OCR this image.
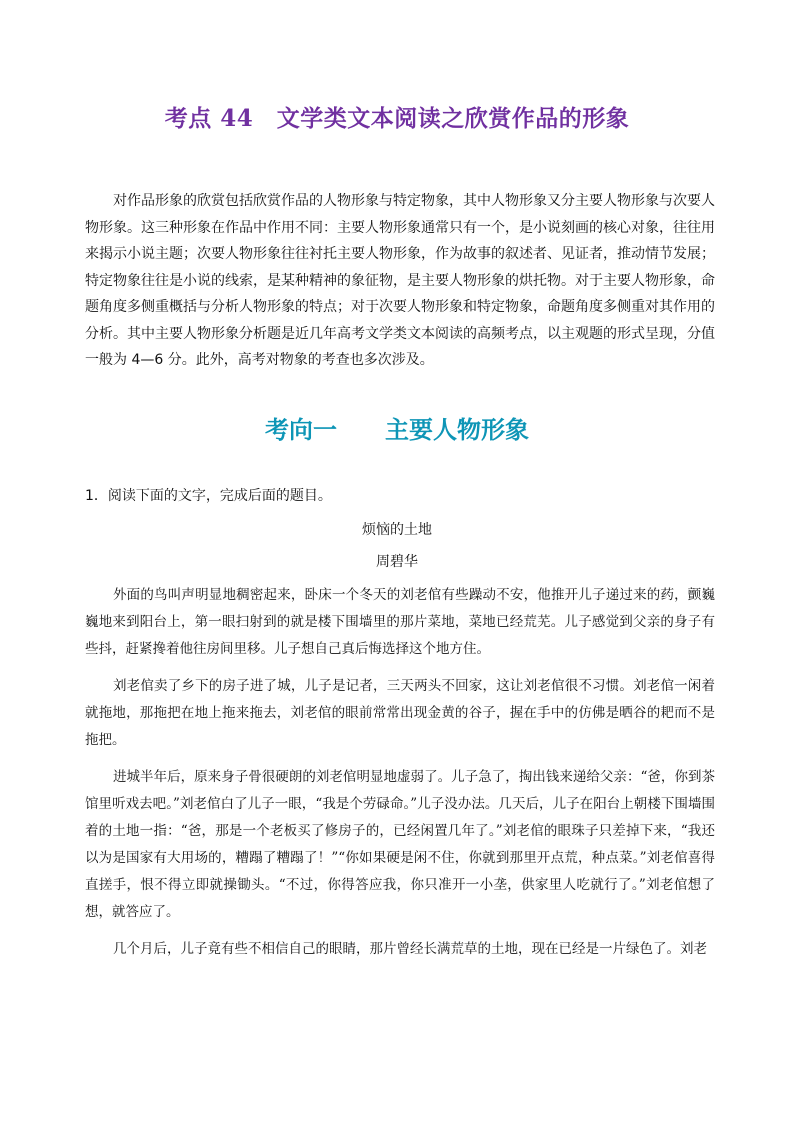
考点 44　文学类文本阅读之欣赏作品的形象

对作品形象的欣赏包括欣赏作品的人物形象与特定物象，其中人物形象又分主要人物形象与次要人物形象。这三种形象在作品中作用不同：主要人物形象通常只有一个，是小说刻画的核心对象，往往用来揭示小说主题；次要人物形象往往衬托主要人物形象，作为故事的叙述者、见证者，推动情节发展；特定物象往往是小说的线索，是某种精神的象征物，是主要人物形象的烘托物。对于主要人物形象，命题角度多侧重概括与分析人物形象的特点；对于次要人物形象和特定物象，命题角度多侧重对其作用的分析。其中主要人物形象分析题是近几年高考文学类文本阅读的高频考点，以主观题的形式呈现，分值一般为 4—6 分。此外，高考对物象的考查也多次涉及。

考向一 主要人物形象

1．阅读下面的文字，完成后面的题目。

烦恼的土地
周碧华

外面的鸟叫声明显地稠密起来，卧床一个冬天的刘老倌有些躁动不安，他推开儿子递过来的药，颤巍巍地来到阳台上，第一眼扫射到的就是楼下围墙里的那片菜地，菜地已经荒芜。儿子感觉到父亲的身子有些抖，赶紧搀着他往房间里移。儿子想自己真后悔选择这个地方住。

刘老倌卖了乡下的房子进了城，儿子是记者，三天两头不回家，这让刘老倌很不习惯。刘老倌一闲着就拖地，那拖把在地上拖来拖去，刘老倌的眼前常常出现金黄的谷子，握在手中的仿佛是晒谷的耙而不是拖把。

进城半年后，原来身子骨很硬朗的刘老倌明显地虚弱了。儿子急了，掏出钱来递给父亲：“爸，你到茶馆里听戏去吧。”刘老倌白了儿子一眼，“我是个劳碌命。”儿子没办法。几天后，儿子在阳台上朝楼下围墙围着的土地一指：“爸，那是一个老板买了修房子的，已经闲置几年了。”刘老倌的眼珠子只差掉下来，“我还以为是国家有大用场的，糟蹋了糟蹋了！”“你如果硬是闲不住，你就到那里开点荒，种点菜。”刘老倌喜得直搓手，恨不得立即就操锄头。“不过，你得答应我，你只准开一小垄，供家里人吃就行了。”刘老倌想了想，就答应了。

几个月后，儿子竟有些不相信自己的眼睛，那片曾经长满荒草的土地，现在已经是一片绿色了。刘老
